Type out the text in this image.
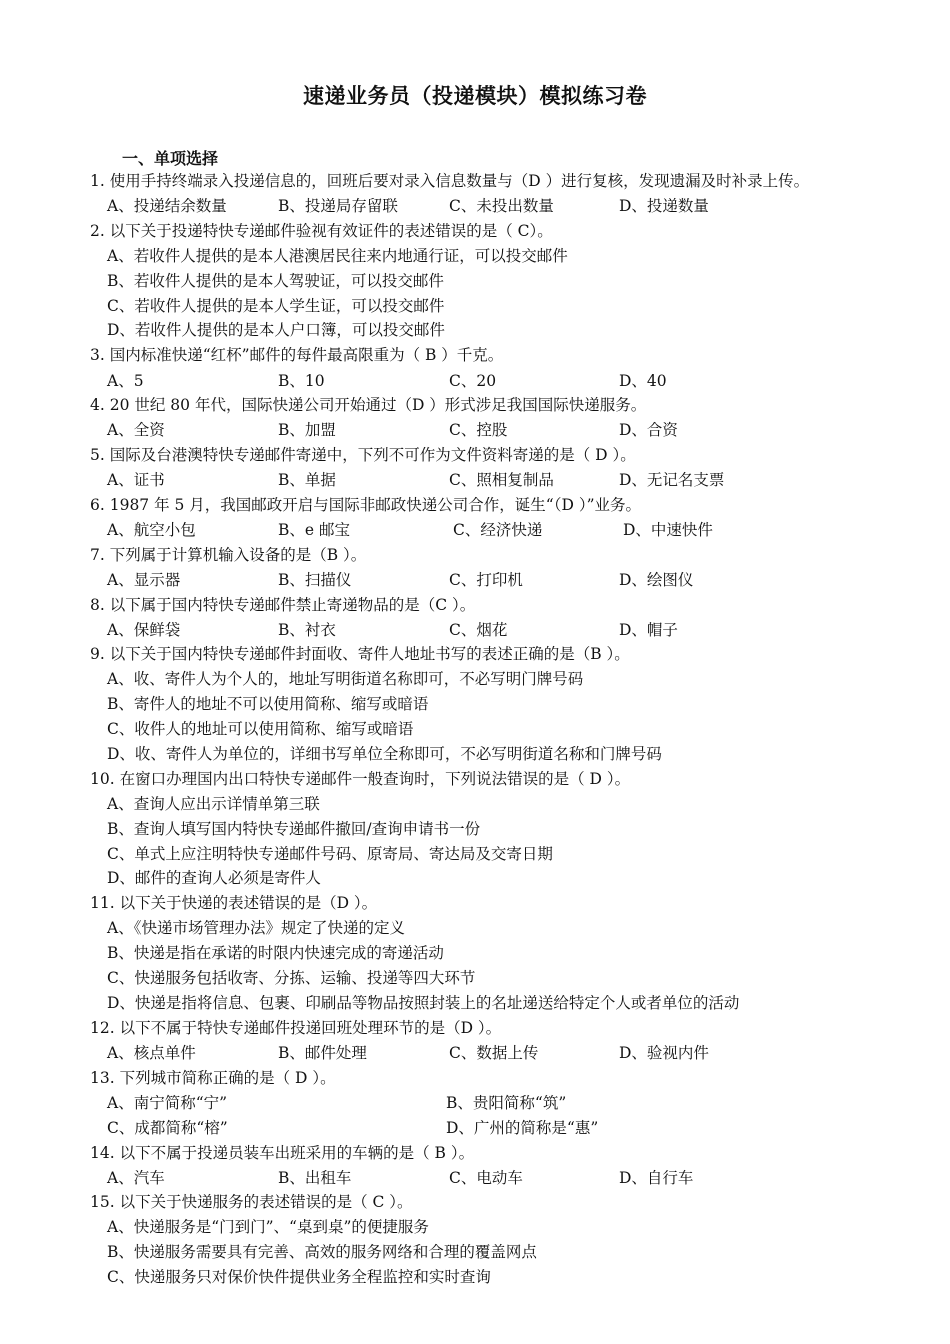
速递业务员（投递模块）模拟练习卷
一、单项选择
1. 使用手持终端录入投递信息的，回班后要对录入信息数量与（D ）进行复核，发现遗漏及时补录上传。
A、投递结余数量	B、投递局存留联	C、未投出数量	D、投递数量
2. 以下关于投递特快专递邮件验视有效证件的表述错误的是（ C）。
A、若收件人提供的是本人港澳居民往来内地通行证，可以投交邮件
B、若收件人提供的是本人驾驶证，可以投交邮件
C、若收件人提供的是本人学生证，可以投交邮件
D、若收件人提供的是本人户口簿，可以投交邮件
3. 国内标准快递“红杯”邮件的每件最高限重为（ B ）千克。
A、5	B、10	C、20	D、40
4. 20 世纪 80 年代，国际快递公司开始通过（D ）形式涉足我国国际快递服务。
A、全资	B、加盟	C、控股	D、合资
5. 国际及台港澳特快专递邮件寄递中，下列不可作为文件资料寄递的是（ D ）。
A、证书	B、单据	C、照相复制品	D、无记名支票
6. 1987 年 5 月，我国邮政开启与国际非邮政快递公司合作，诞生“（D ）”业务。
A、航空小包	B、e 邮宝	C、经济快递	D、中速快件
7. 下列属于计算机输入设备的是（B ）。
A、显示器	B、扫描仪	C、打印机	D、绘图仪
8. 以下属于国内特快专递邮件禁止寄递物品的是（C ）。
A、保鲜袋	B、衬衣	C、烟花	D、帽子
9. 以下关于国内特快专递邮件封面收、寄件人地址书写的表述正确的是（B ）。
A、收、寄件人为个人的，地址写明街道名称即可，不必写明门牌号码
B、寄件人的地址不可以使用简称、缩写或暗语
C、收件人的地址可以使用简称、缩写或暗语
D、收、寄件人为单位的，详细书写单位全称即可，不必写明街道名称和门牌号码
10. 在窗口办理国内出口特快专递邮件一般查询时，下列说法错误的是（ D ）。
A、查询人应出示详情单第三联
B、查询人填写国内特快专递邮件撤回/查询申请书一份
C、单式上应注明特快专递邮件号码、原寄局、寄达局及交寄日期
D、邮件的查询人必须是寄件人
11. 以下关于快递的表述错误的是（D ）。
A、《快递市场管理办法》规定了快递的定义
B、快递是指在承诺的时限内快速完成的寄递活动
C、快递服务包括收寄、分拣、运输、投递等四大环节
D、快递是指将信息、包裹、印刷品等物品按照封装上的名址递送给特定个人或者单位的活动
12. 以下不属于特快专递邮件投递回班处理环节的是（D ）。
A、核点单件	B、邮件处理	C、数据上传	D、验视内件
13. 下列城市简称正确的是（ D ）。
A、南宁简称“宁”	B、贵阳简称“筑”
C、成都简称“榕”	D、广州的简称是“惠”
14. 以下不属于投递员装车出班采用的车辆的是（ B ）。
A、汽车	B、出租车	C、电动车	D、自行车
15. 以下关于快递服务的表述错误的是（ C ）。
A、快递服务是“门到门”、“桌到桌”的便捷服务
B、快递服务需要具有完善、高效的服务网络和合理的覆盖网点
C、快递服务只对保价快件提供业务全程监控和实时查询
